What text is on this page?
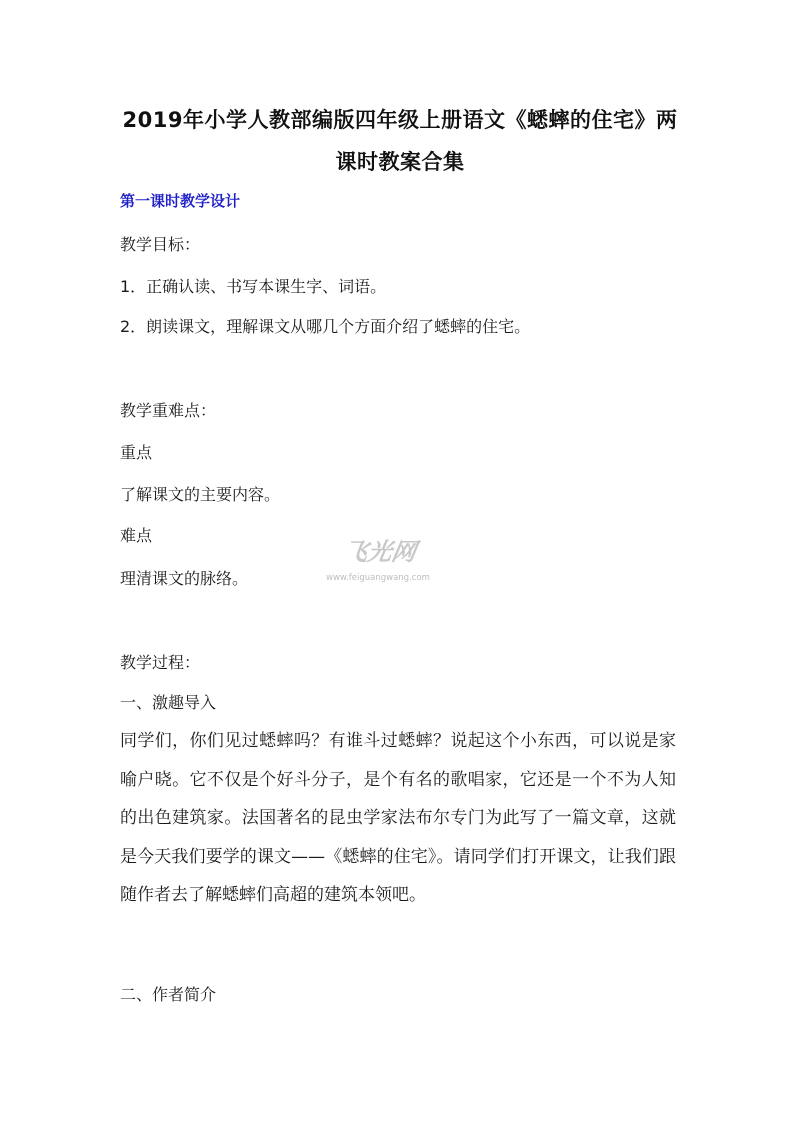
2019年小学人教部编版四年级上册语文《蟋蟀的住宅》两
课时教案合集
第一课时教学设计
教学目标：
1．正确认读、书写本课生字、词语。
2．朗读课文，理解课文从哪几个方面介绍了蟋蟀的住宅。
教学重难点：
重点
了解课文的主要内容。
难点
理清课文的脉络。
教学过程：
一、激趣导入
同学们，你们见过蟋蟀吗？有谁斗过蟋蟀？说起这个小东西，可以说是家喻户晓。它不仅是个好斗分子，是个有名的歌唱家，它还是一个不为人知的出色建筑家。法国著名的昆虫学家法布尔专门为此写了一篇文章，这就是今天我们要学的课文——《蟋蟀的住宅》。请同学们打开课文，让我们跟随作者去了解蟋蟀们高超的建筑本领吧。
二、作者简介
飞光网
www.feiguangwang.com
